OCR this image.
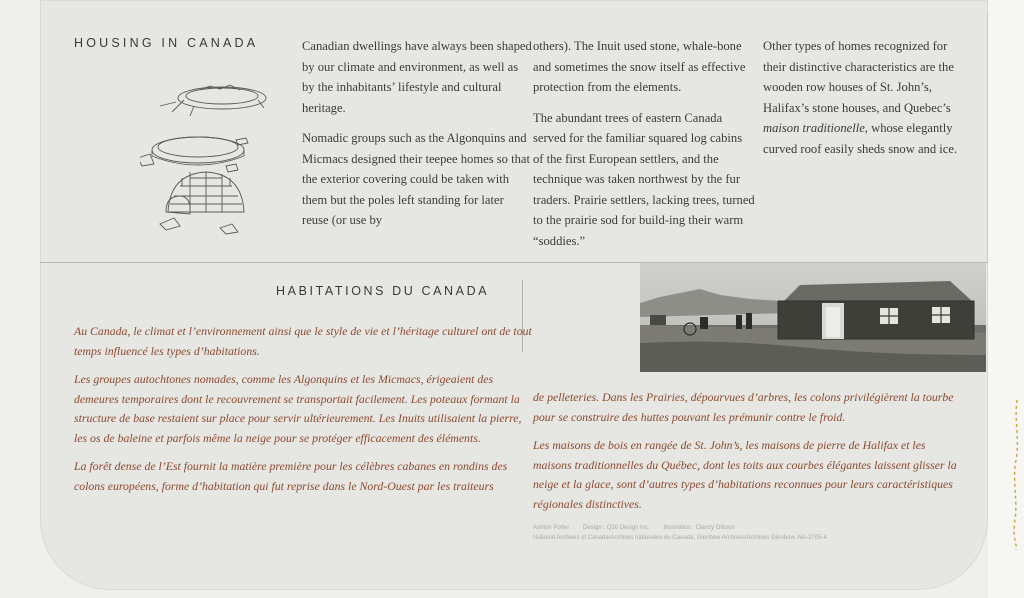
HOUSING IN CANADA	Canadian dwellings have always been shaped by our climate and environment, as well as by the inhabitants’ lifestyle and cultural heritage.

Nomadic groups such as the Algonquins and Micmacs designed their teepee homes so that the exterior covering could be taken with them but the poles left standing for later reuse (or use by

others). The Inuit used stone, whale-bone and sometimes the snow itself as effective protection from the elements.

The abundant trees of eastern Canada served for the familiar squared log cabins of the first European settlers, and the technique was taken northwest by the fur traders. Prairie settlers, lacking trees, turned to the prairie sod for build-ing their warm “soddies.”

Other types of homes recognized for their distinctive characteristics are the wooden row houses of St. John’s, Halifax’s stone houses, and Quebec’s maison traditionelle, whose elegantly curved roof easily sheds snow and ice.

HABITATIONS DU CANADA

Au Canada, le climat et l’environnement ainsi que le style de vie et l’héritage culturel ont de tout temps influencé les types d’habitations.

Les groupes autochtones nomades, comme les Algonquins et les Micmacs, érigeaient des demeures temporaires dont le recouvrement se transportait facilement. Les poteaux formant la structure de base restaient sur place pour servir ultérieurement. Les Inuits utilisaient la pierre, les os de baleine et parfois même la neige pour se protéger efficacement des éléments.

La forêt dense de l’Est fournit la matière première pour les célèbres cabanes en rondins des colons européens, forme d’habitation qui fut reprise dans le Nord-Ouest par les traiteurs

de pelleteries. Dans les Prairies, dépourvues d’arbres, les colons privilégièrent la tourbe pour se construire des huttes pouvant les prémunir contre le froid.

Les maisons de bois en rangée de St. John’s, les maisons de pierre de Halifax et les maisons traditionnelles du Québec, dont les toits aux courbes élégantes laissent glisser la neige et la glace, sont d’autres types d’habitations reconnues pour leurs caractéristiques régionales distinctives.

Ashton Potter Design : Q30 Design Inc. Illustration : Clancy Gibson
National Archives of Canada/Archives nationales du Canada; Glenbow Archives/Archives Glenbow, NA-2705-4
